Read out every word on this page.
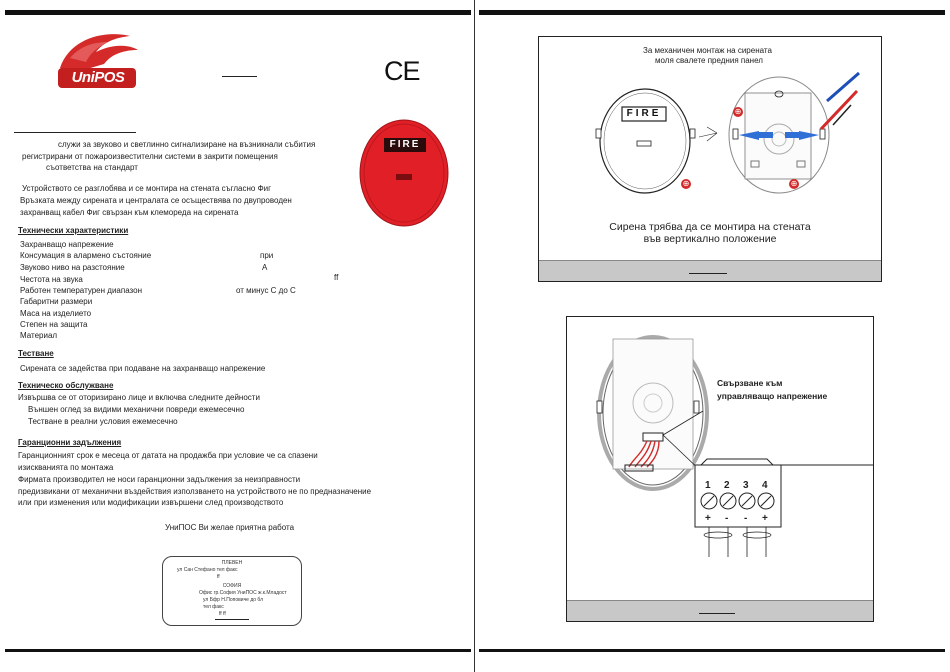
UniPOS	CE
FIRE
служи за звуково и светлинно сигнализиране на възникнали събития
регистрирани от пожароизвестителни системи в закрити помещения
съответства на стандарт
Устройството се разглобява и се монтира на стената съгласно Фиг
Връзката между сирената и централата се осъществява по двупроводен
захранващ кабел Фиг свързан към клемореда на сирената
Технически характеристики
Захранващо напрежение
Консумация в алармено състояние	при
Звуково ниво на разстояние	A
Честота на звука	ff
Работен температурен диапазон	от минус C до C
Габаритни размери
Маса на изделието
Степен на защита
Материал
Тестване
Сирената се задейства при подаване на захранващо напрежение
Техническо обслужване
Извършва се от оторизирано лице и включва следните дейности
Външен оглед за видими механични повреди ежемесечно
Тестване в реални условия ежемесечно
Гаранционни задължения
Гаранционният срок е месеца от датата на продажба при условие че са спазени
изискванията по монтажа
Фирмата производител не носи гаранционни задължения за неизправности
предизвикани от механични въздействия използването на устройството не по предназначение
или при изменения или модификации извършени след производството
УниПОС Ви желае приятна работа
ПЛЕВЕН
ул Сан Стефано тел факс
ff
СОФИЯ
Офис гр.София УниПОС ж.к.Младост
ул Бфр Н.Поповиче до бл
тел факс
ff ff
За механичен монтаж на сирената
моля свалете предния панел
FIRE	⊕
⊕	⊕
Сирена трябва да се монтира на стената
във вертикално положение
Свързване към
управляващо напрежение
1 2 3 4
+ - - +
